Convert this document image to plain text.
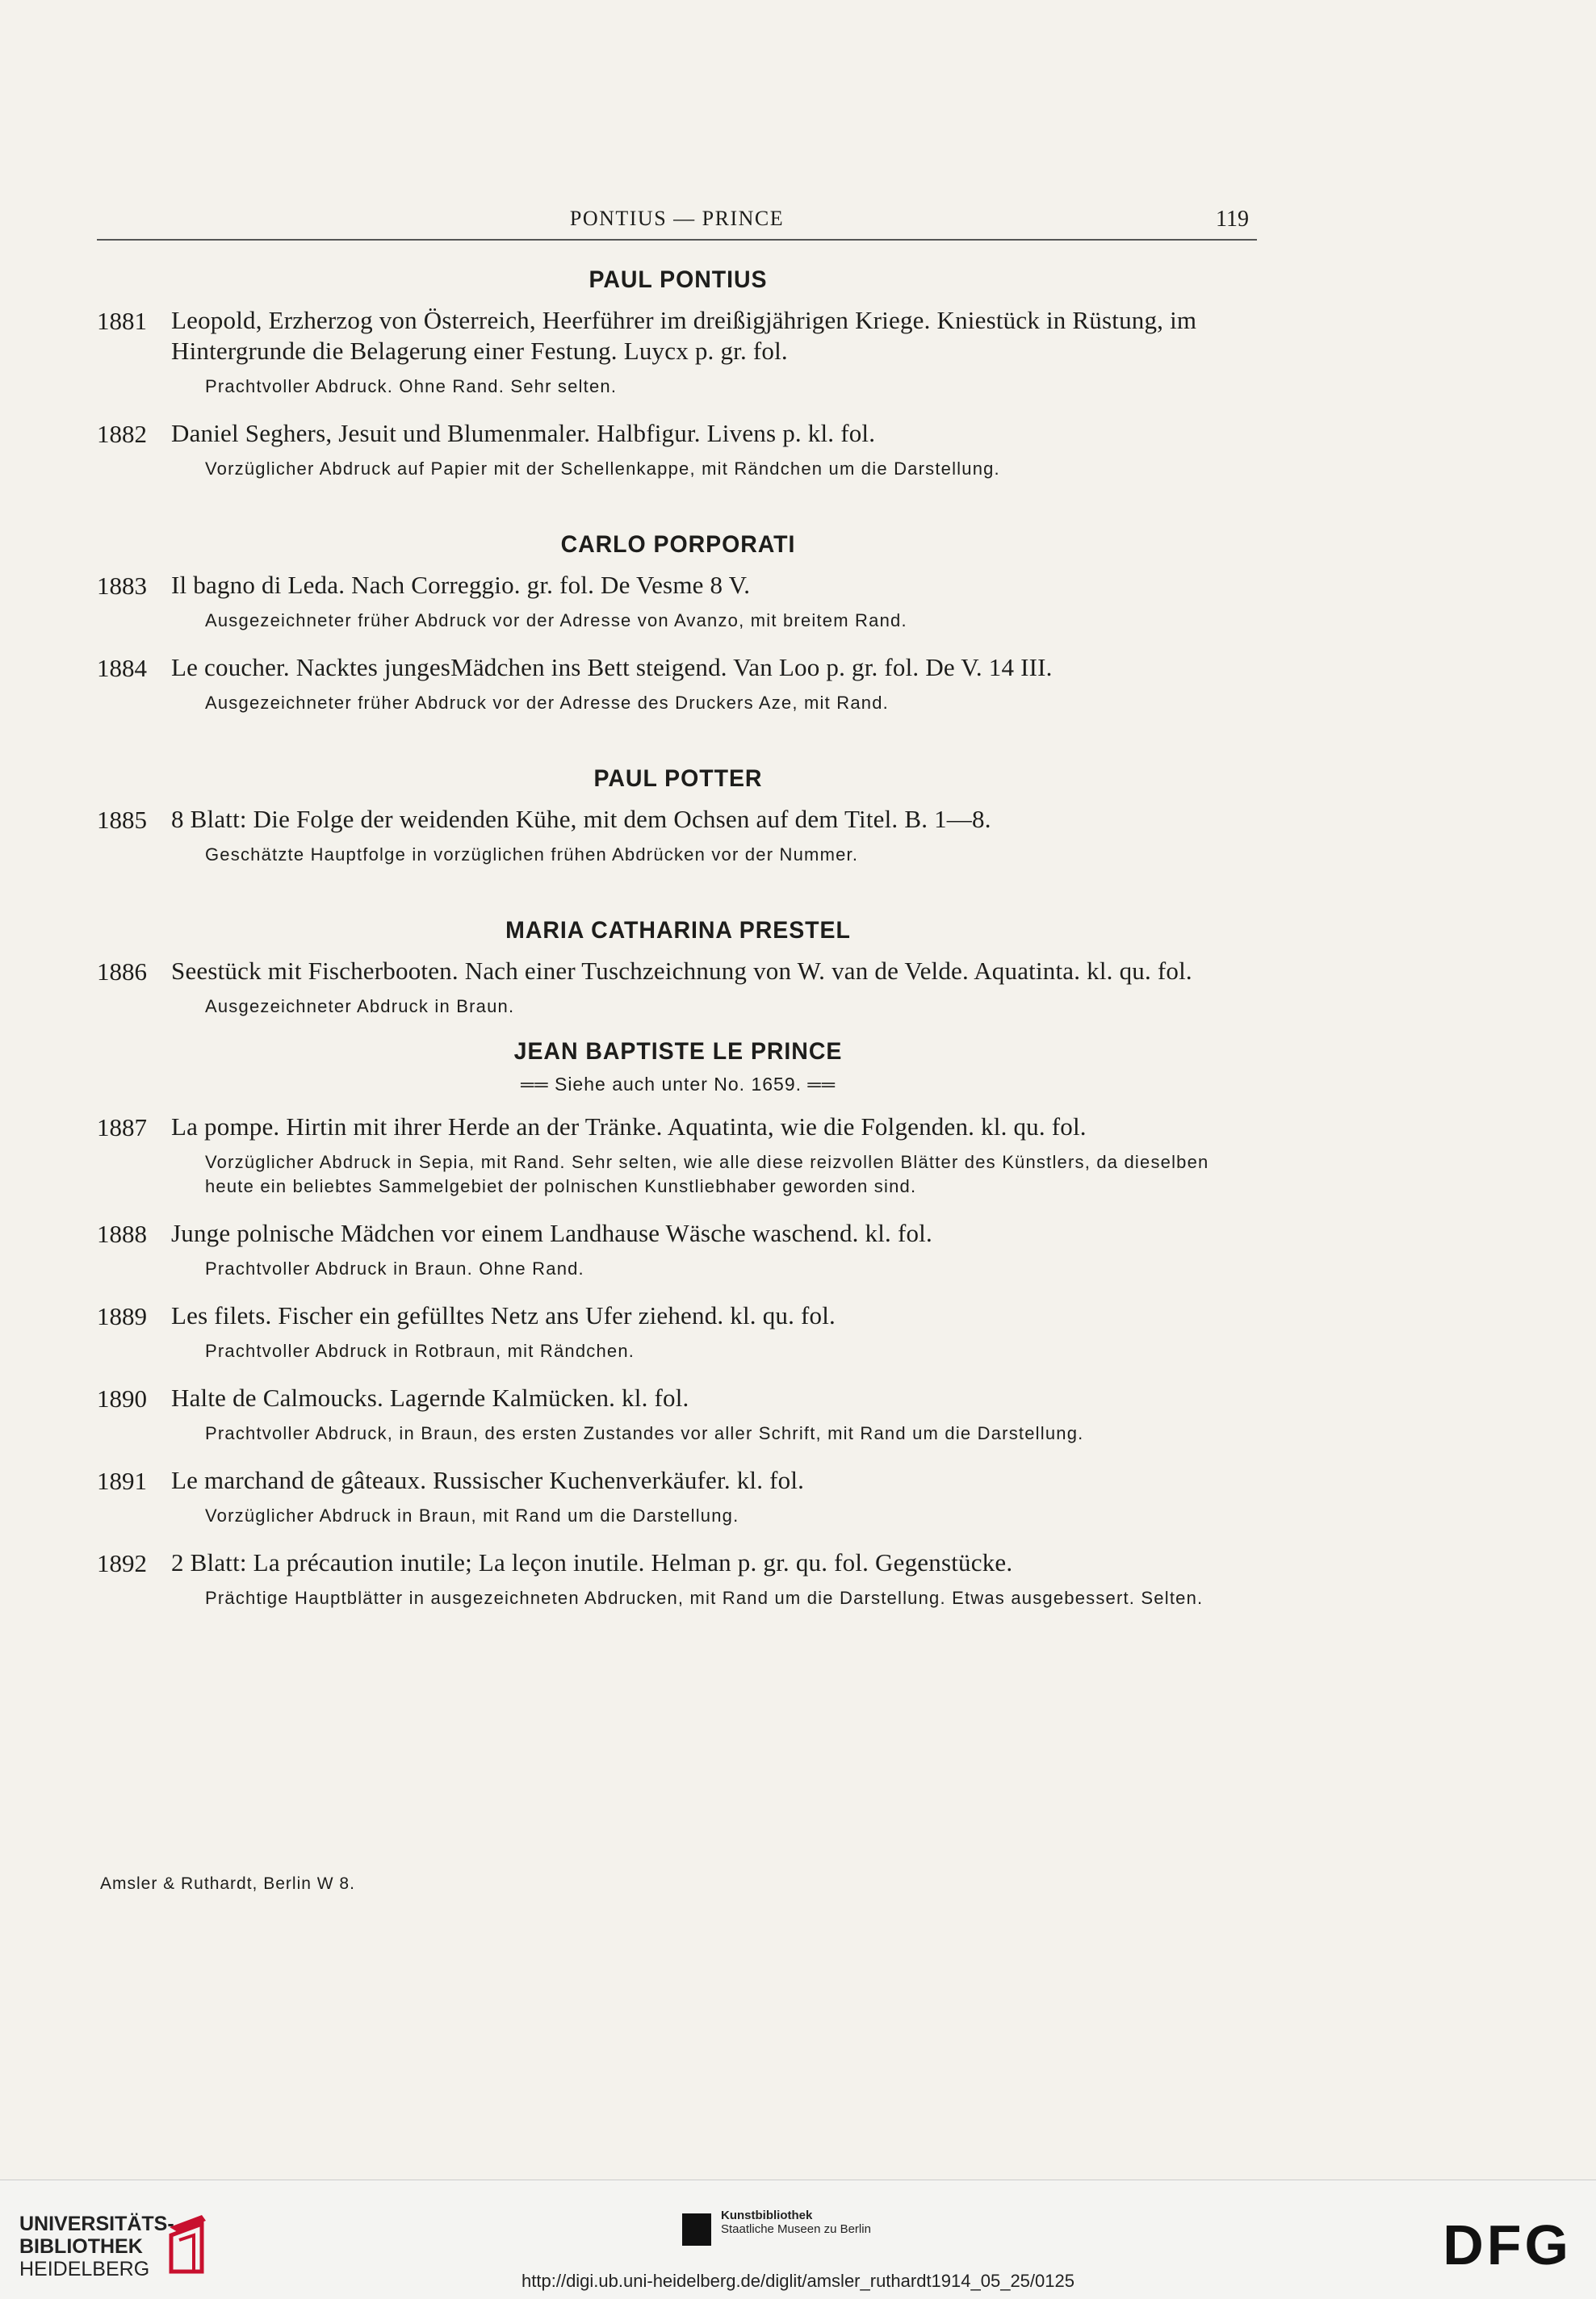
PONTIUS — PRINCE	119
PAUL PONTIUS
1881 Leopold, Erzherzog von Österreich, Heerführer im dreißigjährigen Kriege. Kniestück in Rüstung, im Hintergrunde die Belagerung einer Festung. Luycx p. gr. fol.

Prachtvoller Abdruck. Ohne Rand. Sehr selten.
1882 Daniel Seghers, Jesuit und Blumenmaler. Halbfigur. Livens p. kl. fol.

Vorzüglicher Abdruck auf Papier mit der Schellenkappe, mit Rändchen um die Darstellung.
CARLO PORPORATI
1883 Il bagno di Leda. Nach Correggio. gr. fol. De Vesme 8 V.

Ausgezeichneter früher Abdruck vor der Adresse von Avanzo, mit breitem Rand.
1884 Le coucher. Nacktes jungesMädchen ins Bett steigend. Van Loo p. gr. fol. De V. 14 III.

Ausgezeichneter früher Abdruck vor der Adresse des Druckers Aze, mit Rand.
PAUL POTTER
1885 8 Blatt: Die Folge der weidenden Kühe, mit dem Ochsen auf dem Titel. B. 1—8.

Geschätzte Hauptfolge in vorzüglichen frühen Abdrücken vor der Nummer.
MARIA CATHARINA PRESTEL
1886 Seestück mit Fischerbooten. Nach einer Tuschzeichnung von W. van de Velde. Aquatinta. kl. qu. fol.

Ausgezeichneter Abdruck in Braun.
JEAN BAPTISTE LE PRINCE
══ Siehe auch unter No. 1659. ══
1887 La pompe. Hirtin mit ihrer Herde an der Tränke. Aquatinta, wie die Folgenden. kl. qu. fol.

Vorzüglicher Abdruck in Sepia, mit Rand. Sehr selten, wie alle diese reizvollen Blätter des Künstlers, da dieselben heute ein beliebtes Sammelgebiet der polnischen Kunstliebhaber geworden sind.
1888 Junge polnische Mädchen vor einem Landhause Wäsche waschend. kl. fol.

Prachtvoller Abdruck in Braun. Ohne Rand.
1889 Les filets. Fischer ein gefülltes Netz ans Ufer ziehend. kl. qu. fol.

Prachtvoller Abdruck in Rotbraun, mit Rändchen.
1890 Halte de Calmoucks. Lagernde Kalmücken. kl. fol.

Prachtvoller Abdruck, in Braun, des ersten Zustandes vor aller Schrift, mit Rand um die Darstellung.
1891 Le marchand de gâteaux. Russischer Kuchenverkäufer. kl. fol.

Vorzüglicher Abdruck in Braun, mit Rand um die Darstellung.
1892 2 Blatt: La précaution inutile; La leçon inutile. Helman p. gr. qu. fol. Gegenstücke.

Prächtige Hauptblätter in ausgezeichneten Abdrucken, mit Rand um die Darstellung. Etwas ausgebessert. Selten.
Amsler & Ruthardt, Berlin W 8.
UNIVERSITÄTS-
BIBLIOTHEK
HEIDELBERG
Kunstbibliothek
Staatliche Museen zu Berlin	DFG
http://digi.ub.uni-heidelberg.de/diglit/amsler_ruthardt1914_05_25/0125
